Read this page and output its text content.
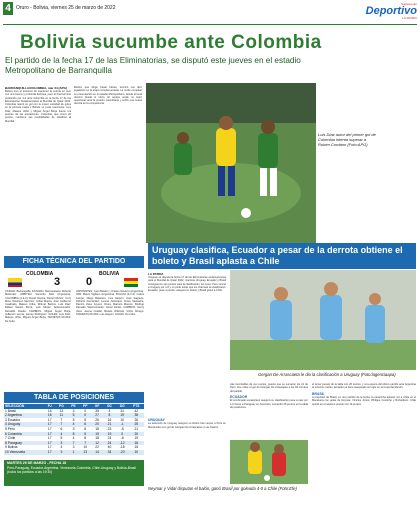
4	Oruro - Bolivia, viernes 25 de marzo de 2022
Suplemento
Deportivo
LA PATRIA
Bolivia sucumbe ante Colombia
El partido de la fecha 17 de las Eliminatorias, se disputó este jueves en el estadio Metropolitano de Barranquilla
BARRANQUILLA/COLOMBIA, mar 24 (APG)
Bolivia tuvo el esfuerzo de mantener la cuenta en cero con una buena y profunda defensa, pero al final terminó perdiendo por 3-0 ante Colombia en la fecha 17 de las Eliminatorias Sudamericanas al Mundial de Qatar 2022. Colombia marcó su gol con la mayor cantidad de goles en la primera etapa y Bolivia no pudo reaccionar. Luis Díaz, Mateus Uribe y Miguel Ángel Borja fueron los autores de las anotaciones. Colombia, que sumó 20 puntos, mantiene sus posibilidades de clasificar al Mundial.
Bolivia, que dirige César Farías, terminó con diez jugadores en la etapa complementaria. La verde completó su presentación en el estadio Metropolitano, donde el local dominó desde el inicio. El equipo verde no logró reaccionar ante la presión colombiana y sufrió una nueva derrota en la competencia.
Luis Díaz autor del primer gol de Colombia intenta superar a Rubén Cordano (Foto:APG)
FICHA TÉCNICA DEL PARTIDO
COLOMBIA	BOLIVIA
3 0
CIUDAD: Barranquilla. ESTADIO: Metropolitano Roberto Meléndez. ARBITRO: Facundo Tello (Argentina). COLOMBIA (4-4-2): David Ospina; Daniel Muñoz, Yerry Mina, Davinson Sánchez, Johan Mojica; Juan Guillermo Cuadrado, Mateus Uribe, Wílmar Barrios, Luis Díaz; Rafael Santos Borré, Luis Muriel. Seleccionador: Reinaldo Rueda. CAMBIOS: Miguel Ángel Borja, Jefferson Lerma, James Rodríguez. GOLES: Luis Díaz, Mateus Uribe, Miguel Ángel Borja. TARJETAS ROJAS: No hubo.
ASISTENTES: Juan Belatti y Cristian Navarro (Argentina). VAR: Mauro Vigliano (Argentina). BOLIVIA (4-3-3): Carlos Lampe; Diego Bejarano, Luis Haquín, José Sagredo, Roberto Fernández; Leonel Justiniano, Erwin Saavedra, Ramiro Vaca; Jeyson Chura, Marcelo Moreno, Rodrigo Ramallo. Seleccionador: César Farías. CAMBIOS: Henry Vaca, Jaume Cuéllar, Moisés Villarroel, Víctor Ábrego. TARJETAS ROJAS: Luis Haquín. GOLES: No hubo.
TABLA DE POSICIONES
SELECCIÓN	PJ	PG	PE	PP	GF	GC	DG	PTS
1 Brasil	16	13	3	0	35	4	31	42
2 Argentina	16	11	5	0	27	8	19	38
3 Ecuador	17	7	5	5	26	16	10	26
4 Uruguay	17	7	4	6	20	21	-1	25
5 Perú	17	6	3	8	18	23	-5	21
6 Colombia	17	4	8	5	19	19	0	20
7 Chile	17	5	4	8	18	24	-6	19
8 Paraguay	17	3	7	7	12	24	-12	16
9 Bolivia	17	4	3	10	22	40	-18	15
10 Venezuela	17	3	1	13	14	34	-20	10
MARTES 29 DE MARZO - FECHA 18
Perú-Paraguay, Ecuador-Argentina, Venezuela-Colombia, Chile-Uruguay y Bolivia-Brasil (todos los partidos a las 19:30)
Uruguay clasifica, Ecuador a pesar de la derrota obtiene el boleto y Brasil aplasta a Chile
LA PATRIA
Uruguay se disputó la fecha 17 de las Eliminatorias sudamericanas para el Mundial de Qatar 2022, mientras Uruguay, Ecuador y Brasil consiguieron sus puntos para la clasificación. En Lima, Perú venció a Uruguay por 1-0 y no pudo evitar que los charrúas se clasificaran. Ecuador, pese a perder, aseguró su boleto y Brasil goleó a Chile.
Gergan De Arrascaeta le dio la clasificación a Uruguay (Foto:lagenciaapa)
URUGUAY
La selección de Uruguay aseguró su boleto tras vencer a Perú en Montevideo con gol de Giorgian De Arrascaeta y Luis Suárez.
tras incontables de sus puntos, puesto que se sumaron los 21 de Perú. Fue clave el gol de Giorgian De Arrascaeta a los 66 minutos del partido.
ECUADOR
El combinado ecuatoriano aseguró su clasificación pese a caer por 1-0 frente a Paraguay en Asunción, sumando 26 puntos en la tabla de posiciones.
el tercer puesto de la tabla con 26 puntos, y a la espera del último partido ante Argentina el próximo martes, Ecuador ya tiene asegurado su lugar en la Copa del Mundo.
BRASIL
A propósito de Brasil, en otro partido de la fecha, la canarinha aplastó 4-0 a Chile en el Maracaná con goles de Neymar, Vinícius Júnior, Philippe Coutinho y Richarlison. Chile quedó en el séptimo puesto con 19 puntos.
Neymar y Vidal disputan el balón, ganó Brasil por goleada 4-0 a Chile (Foto:Efe)
